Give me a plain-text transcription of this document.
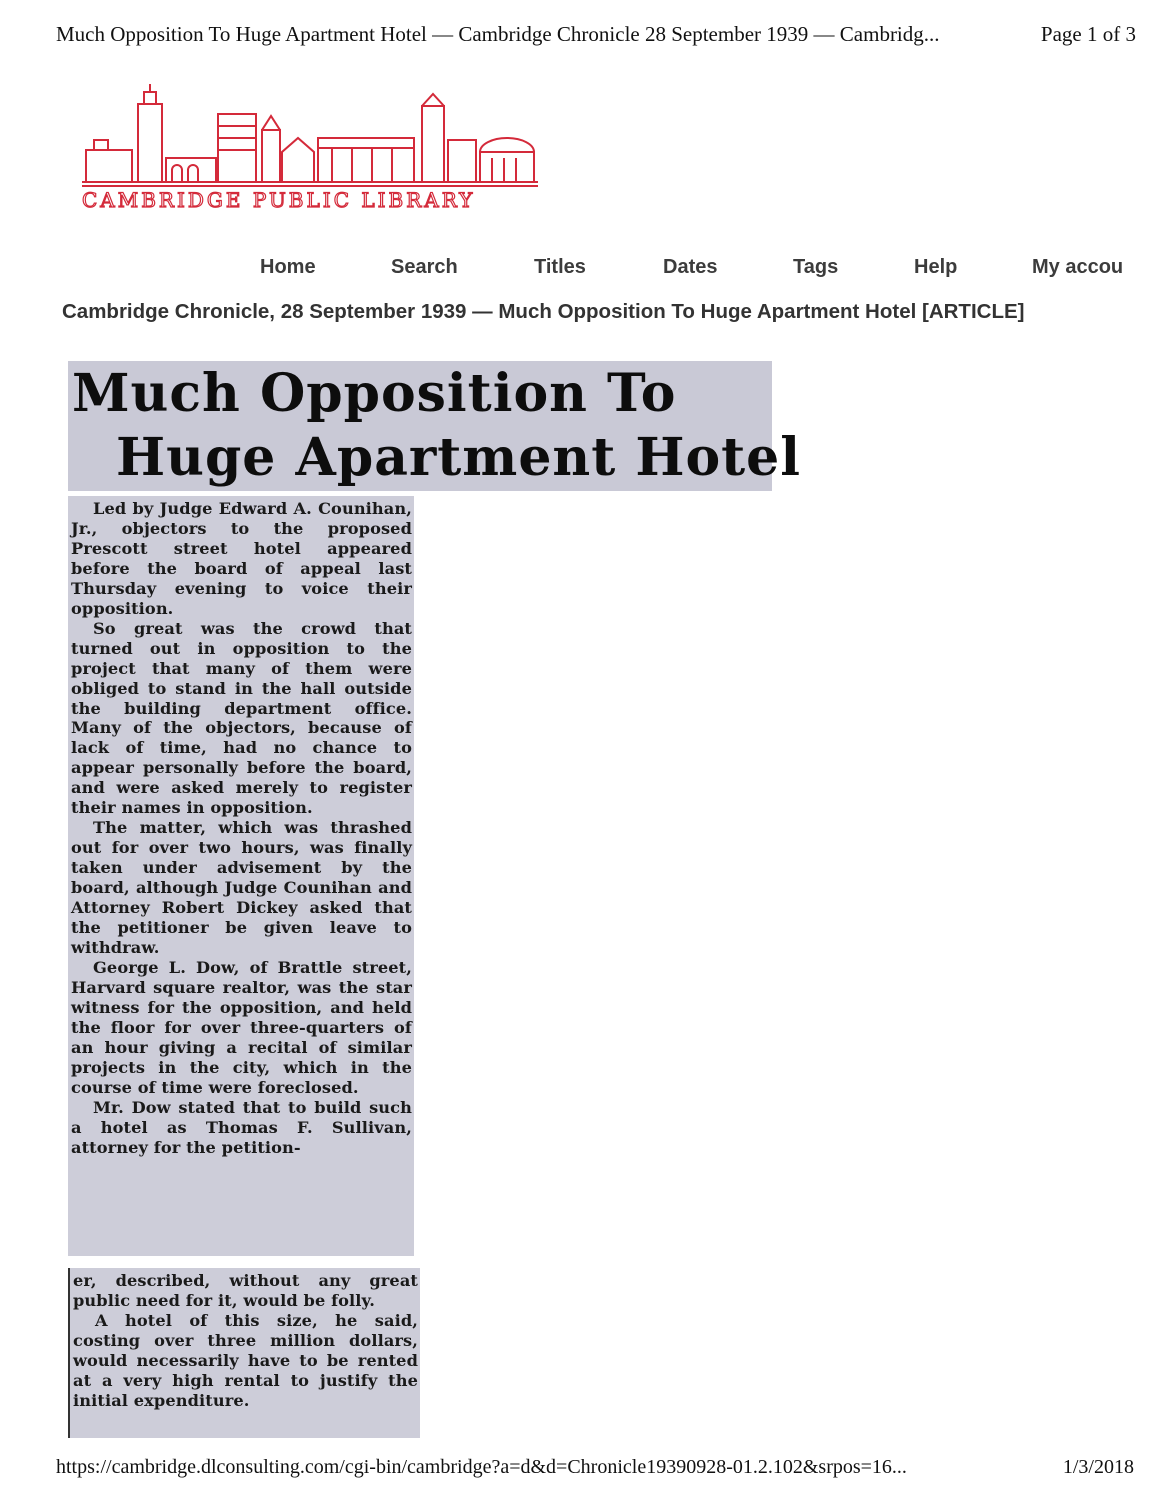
Much Opposition To Huge Apartment Hotel — Cambridge Chronicle 28 September 1939 — Cambridg...	Page 1 of 3
CAMBRIDGE PUBLIC LIBRARY
Home	Search	Titles	Dates	Tags	Help	My accou
Cambridge Chronicle, 28 September 1939 — Much Opposition To Huge Apartment Hotel [ARTICLE]
Much Opposition To
Huge Apartment Hotel

Led by Judge Edward A. Counihan, Jr., objectors to the proposed Prescott street hotel appeared before the board of appeal last Thursday evening to voice their opposition.

So great was the crowd that turned out in opposition to the project that many of them were obliged to stand in the hall outside the building department office. Many of the objectors, because of lack of time, had no chance to appear personally before the board, and were asked merely to register their names in opposition.

The matter, which was thrashed out for over two hours, was finally taken under advisement by the board, although Judge Counihan and Attorney Robert Dickey asked that the petitioner be given leave to withdraw.

George L. Dow, of Brattle street, Harvard square realtor, was the star witness for the opposition, and held the floor for over three-quarters of an hour giving a recital of similar projects in the city, which in the course of time were foreclosed.

Mr. Dow stated that to build such a hotel as Thomas F. Sullivan, attorney for the petition-

er, described, without any great public need for it, would be folly.

A hotel of this size, he said, costing over three million dollars, would necessarily have to be rented at a very high rental to justify the initial expenditure.

https://cambridge.dlconsulting.com/cgi-bin/cambridge?a=d&d=Chronicle19390928-01.2.102&srpos=16...	1/3/2018
